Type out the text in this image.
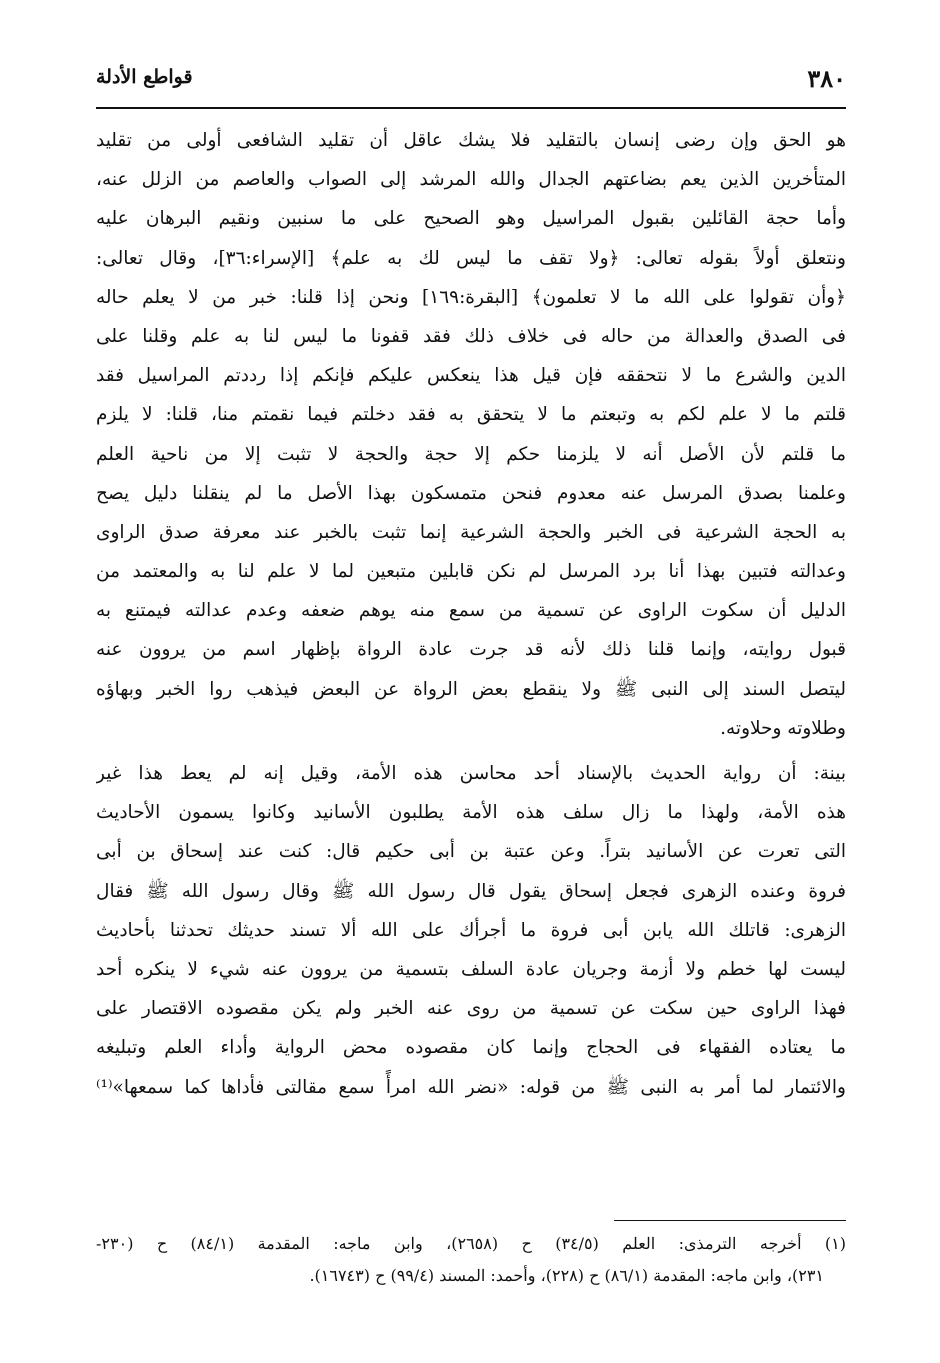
٣٨٠
قواطع الأدلة
هو الحق وإن رضى إنسان بالتقليد فلا يشك عاقل أن تقليد الشافعى أولى من تقليد
المتأخرين الذين يعم بضاعتهم الجدال والله المرشد إلى الصواب والعاصم من الزلل عنه،
وأما حجة القائلين بقبول المراسيل وهو الصحيح على ما سنبين ونقيم البرهان عليه
ونتعلق أولاً بقوله تعالى: ﴿ولا تقف ما ليس لك به علم﴾ [الإسراء:٣٦]، وقال تعالى:
﴿وأن تقولوا على الله ما لا تعلمون﴾ [البقرة:١٦٩] ونحن إذا قلنا: خبر من لا يعلم حاله
فى الصدق والعدالة من حاله فى خلاف ذلك فقد قفونا ما ليس لنا به علم وقلنا على
الدين والشرع ما لا نتحققه فإن قيل هذا ينعكس عليكم فإنكم إذا رددتم المراسيل فقد
قلتم ما لا علم لكم به وتبعتم ما لا يتحقق به فقد دخلتم فيما نقمتم منا، قلنا: لا يلزم
ما قلتم لأن الأصل أنه لا يلزمنا حكم إلا حجة والحجة لا تثبت إلا من ناحية العلم
وعلمنا بصدق المرسل عنه معدوم فنحن متمسكون بهذا الأصل ما لم ينقلنا دليل يصح
به الحجة الشرعية فى الخبر والحجة الشرعية إنما تثبت بالخبر عند معرفة صدق الراوى
وعدالته فتبين بهذا أنا برد المرسل لم نكن قابلين متبعين لما لا علم لنا به والمعتمد من
الدليل أن سكوت الراوى عن تسمية من سمع منه يوهم ضعفه وعدم عدالته فيمتنع به
قبول روايته، وإنما قلنا ذلك لأنه قد جرت عادة الرواة بإظهار اسم من يروون عنه
ليتصل السند إلى النبى ﷺ ولا ينقطع بعض الرواة عن البعض فيذهب روا الخبر وبهاؤه
وطلاوته وحلاوته.
بينة: أن رواية الحديث بالإسناد أحد محاسن هذه الأمة، وقيل إنه لم يعط هذا غير
هذه الأمة، ولهذا ما زال سلف هذه الأمة يطلبون الأسانيد وكانوا يسمون الأحاديث
التى تعرت عن الأسانيد بتراً. وعن عتبة بن أبى حكيم قال: كنت عند إسحاق بن أبى
فروة وعنده الزهرى فجعل إسحاق يقول قال رسول الله ﷺ وقال رسول الله ﷺ فقال
الزهرى: قاتلك الله يابن أبى فروة ما أجرأك على الله ألا تسند حديثك تحدثنا بأحاديث
ليست لها خطم ولا أزمة وجريان عادة السلف بتسمية من يروون عنه شيء لا ينكره أحد
فهذا الراوى حين سكت عن تسمية من روى عنه الخبر ولم يكن مقصوده الاقتصار على
ما يعتاده الفقهاء فى الحجاج وإنما كان مقصوده محض الرواية وأداء العلم وتبليغه
والائتمار لما أمر به النبى ﷺ من قوله: «نضر الله امرأً سمع مقالتى فأداها كما سمعها»⁽¹⁾
(١) أخرجه الترمذى: العلم (٣٤/٥) ح (٢٦٥٨)، وابن ماجه: المقدمة (٨٤/١) ح (٢٣٠-
٢٣١)، وابن ماجه: المقدمة (٨٦/١) ح (٢٢٨)، وأحمد: المسند (٩٩/٤) ح (١٦٧٤٣).
